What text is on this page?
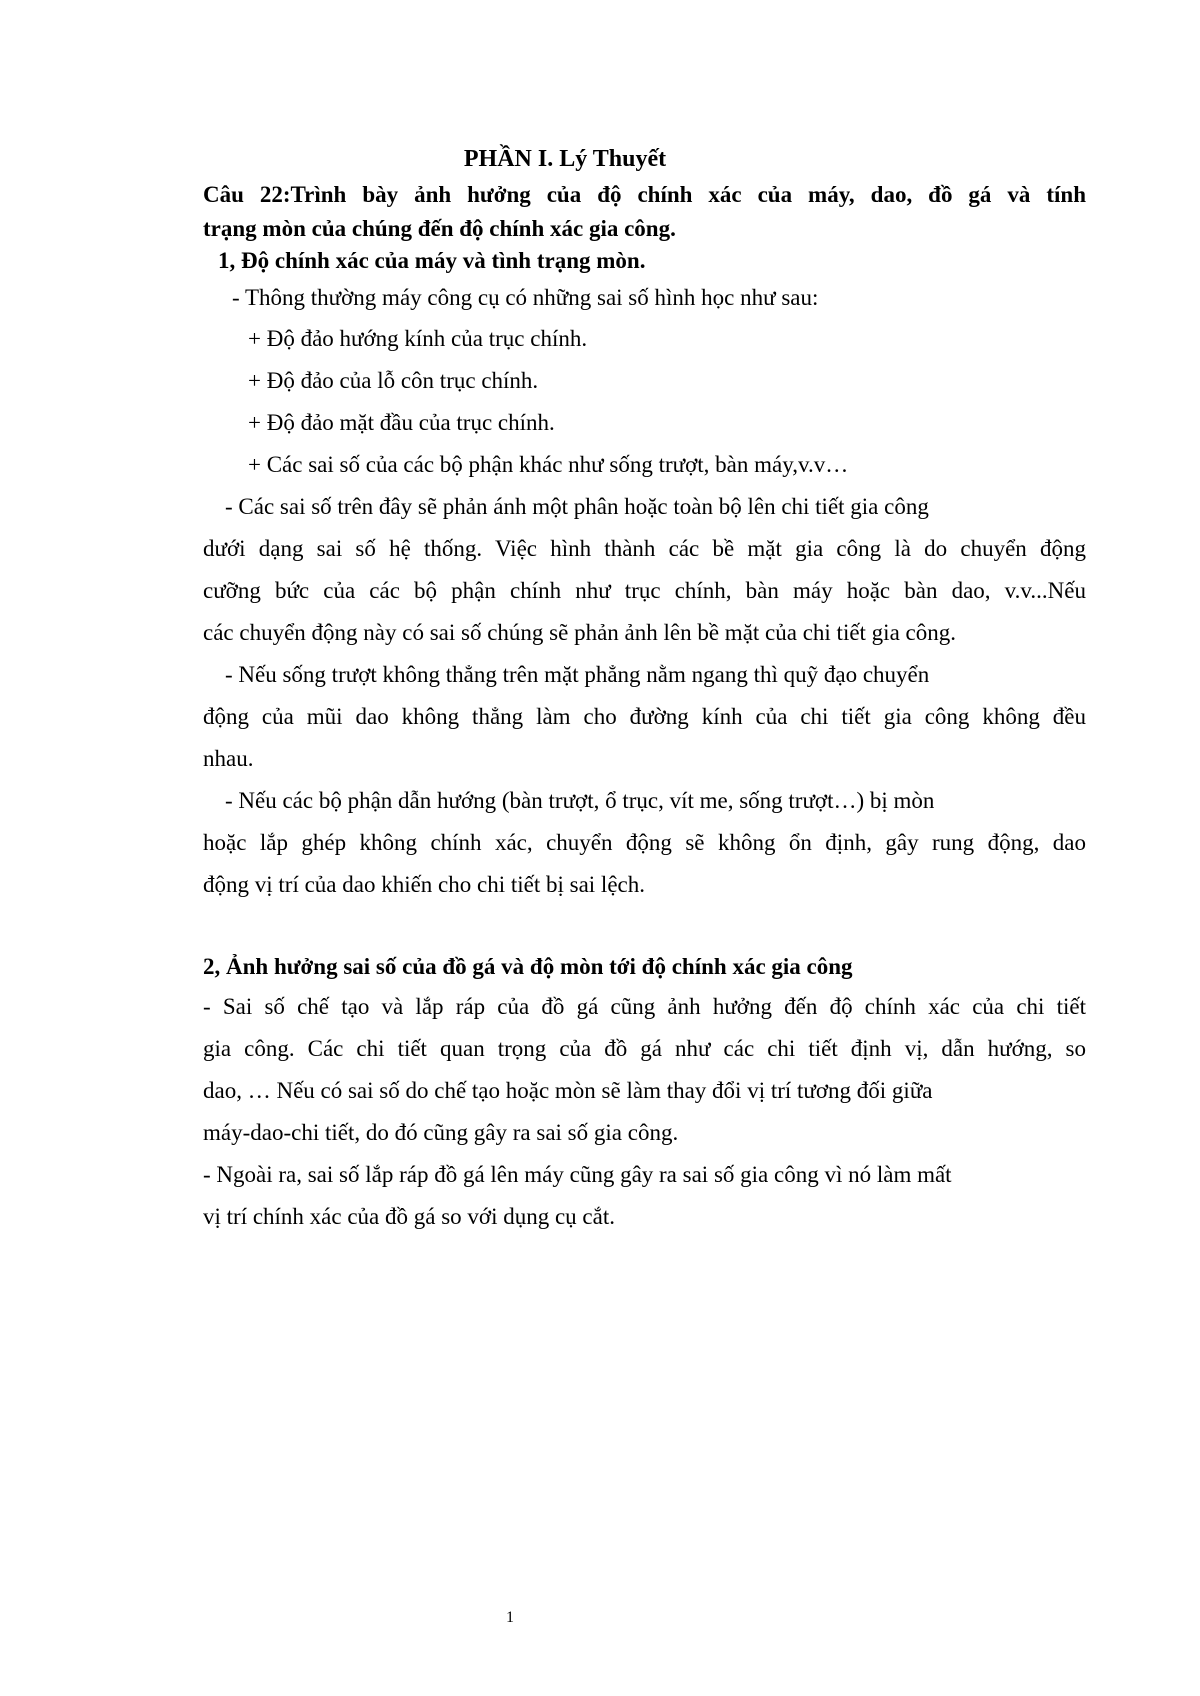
PHẦN I. Lý Thuyết
Câu 22:Trình bày ảnh hưởng của độ chính xác của máy, dao, đồ gá và tính
trạng mòn của chúng đến độ chính xác gia công.
1, Độ chính xác của máy và tình trạng mòn.
- Thông thường máy công cụ có những sai số hình học như sau:
+ Độ đảo hướng kính của trục chính.
+ Độ đảo của lỗ côn trục chính.
+ Độ đảo mặt đầu của trục chính.
+ Các sai số của các bộ phận khác như sống trượt, bàn máy,v.v…
- Các sai số trên đây sẽ phản ánh một phân hoặc toàn bộ lên chi tiết gia công
dưới dạng sai số hệ thống. Việc hình thành các bề mặt gia công là do chuyển động
cưỡng bức của các bộ phận chính như trục chính, bàn máy hoặc bàn dao, v.v...Nếu
các chuyển động này có sai số chúng sẽ phản ảnh lên bề mặt của chi tiết gia công.
- Nếu sống trượt không thẳng trên mặt phẳng nằm ngang thì quỹ đạo chuyển
động của mũi dao không thẳng làm cho đường kính của chi tiết gia công không đều
nhau.
- Nếu các bộ phận dẫn hướng (bàn trượt, ổ trục, vít me, sống trượt…) bị mòn
hoặc lắp ghép không chính xác, chuyển động sẽ không ổn định, gây rung động, dao
động vị trí của dao khiến cho chi tiết bị sai lệch.
2, Ảnh hưởng sai số của đồ gá và độ mòn tới độ chính xác gia công
- Sai số chế tạo và lắp ráp của đồ gá cũng ảnh hưởng đến độ chính xác của chi tiết
gia công. Các chi tiết quan trọng của đồ gá như các chi tiết định vị, dẫn hướng, so
dao, … Nếu có sai số do chế tạo hoặc mòn sẽ làm thay đổi vị trí tương đối giữa
máy-dao-chi tiết, do đó cũng gây ra sai số gia công.
- Ngoài ra, sai số lắp ráp đồ gá lên máy cũng gây ra sai số gia công vì nó làm mất
vị trí chính xác của đồ gá so với dụng cụ cắt.
1
